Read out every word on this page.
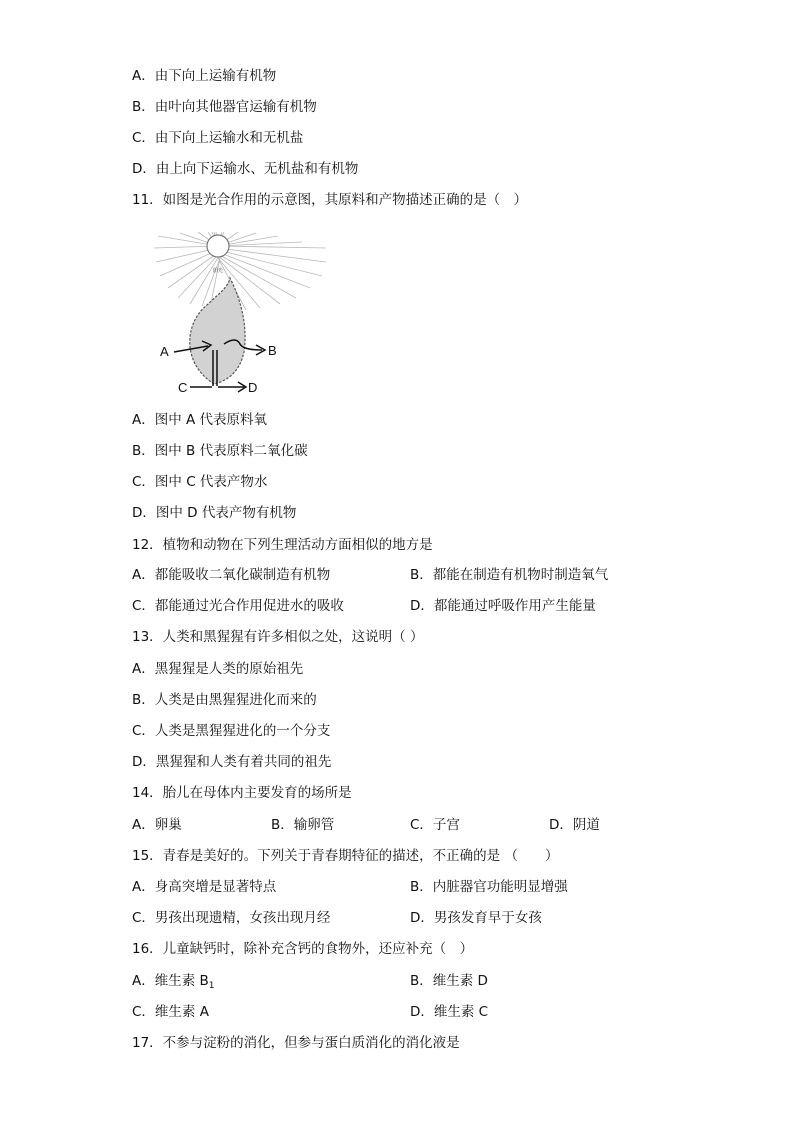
A．由下向上运输有机物
B．由叶向其他器官运输有机物
C．由下向上运输水和无机盐
D．由上向下运输水、无机盐和有机物
11．如图是光合作用的示意图，其原料和产物描述正确的是（　）
阳光
A	B
C	D
A．图中 A 代表原料氧
B．图中 B 代表原料二氧化碳
C．图中 C 代表产物水
D．图中 D 代表产物有机物
12．植物和动物在下列生理活动方面相似的地方是
A．都能吸收二氧化碳制造有机物	B．都能在制造有机物时制造氧气
C．都能通过光合作用促进水的吸收	D．都能通过呼吸作用产生能量
13．人类和黑猩猩有许多相似之处，这说明（ ）
A．黑猩猩是人类的原始祖先
B．人类是由黑猩猩进化而来的
C．人类是黑猩猩进化的一个分支
D．黑猩猩和人类有着共同的祖先
14．胎儿在母体内主要发育的场所是
A．卵巢	B．输卵管	C．子宫	D．阴道
15．青春是美好的。下列关于青春期特征的描述，不正确的是 （　　）
A．身高突增是显著特点	B．内脏器官功能明显增强
C．男孩出现遗精，女孩出现月经	D．男孩发育早于女孩
16．儿童缺钙时，除补充含钙的食物外，还应补充（　）
A．维生素 $B_1$	B．维生素 D
C．维生素 A	D．维生素 C
17．不参与淀粉的消化，但参与蛋白质消化的消化液是
